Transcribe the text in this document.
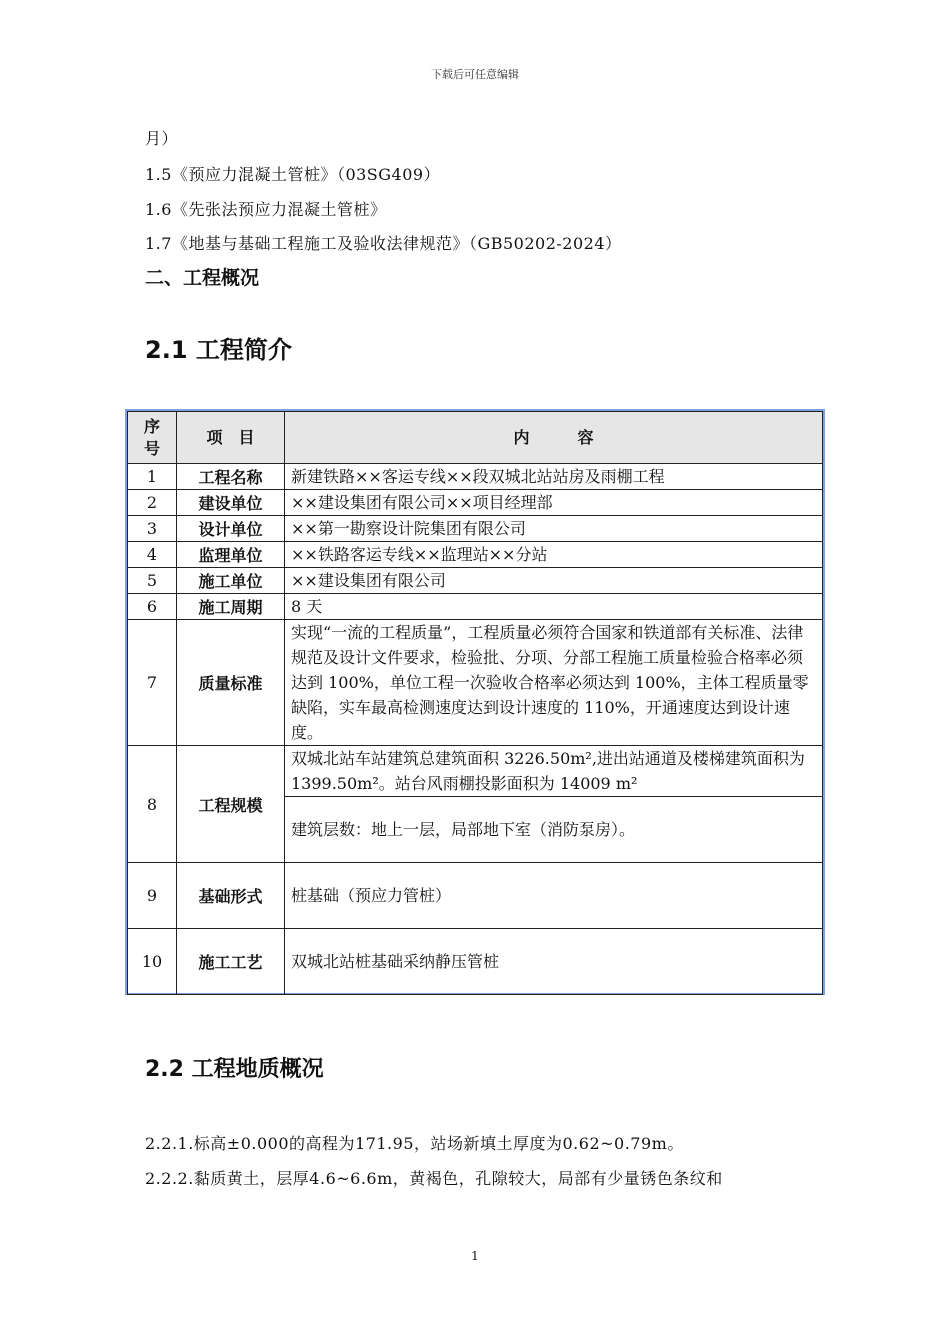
下载后可任意编辑
月）
1.5《预应力混凝土管桩》（03SG409）
1.6《先张法预应力混凝土管桩》
1.7《地基与基础工程施工及验收法律规范》（GB50202-2024）
二、工程概况
2.1 工程简介
序号	项　目	内　　　容
1	工程名称	新建铁路××客运专线××段双城北站站房及雨棚工程
2	建设单位	××建设集团有限公司××项目经理部
3	设计单位	××第一勘察设计院集团有限公司
4	监理单位	××铁路客运专线××监理站××分站
5	施工单位	××建设集团有限公司
6	施工周期	8 天
7	质量标准	实现“一流的工程质量”，工程质量必须符合国家和铁道部有关标准、法律规范及设计文件要求，检验批、分项、分部工程施工质量检验合格率必须达到 100%，单位工程一次验收合格率必须达到 100%，主体工程质量零缺陷，实车最高检测速度达到设计速度的 110%，开通速度达到设计速度。
8	工程规模	双城北站车站建筑总建筑面积 3226.50m²,进出站通道及楼梯建筑面积为 1399.50m²。站台风雨棚投影面积为 14009 m²
		建筑层数：地上一层，局部地下室（消防泵房）。
9	基础形式	桩基础（预应力管桩）
10	施工工艺	双城北站桩基础采纳静压管桩
2.2 工程地质概况
2.2.1.标高±0.000的高程为171.95，站场新填土厚度为0.62~0.79m。
2.2.2.黏质黄土，层厚4.6~6.6m，黄褐色，孔隙较大，局部有少量锈色条纹和
1
